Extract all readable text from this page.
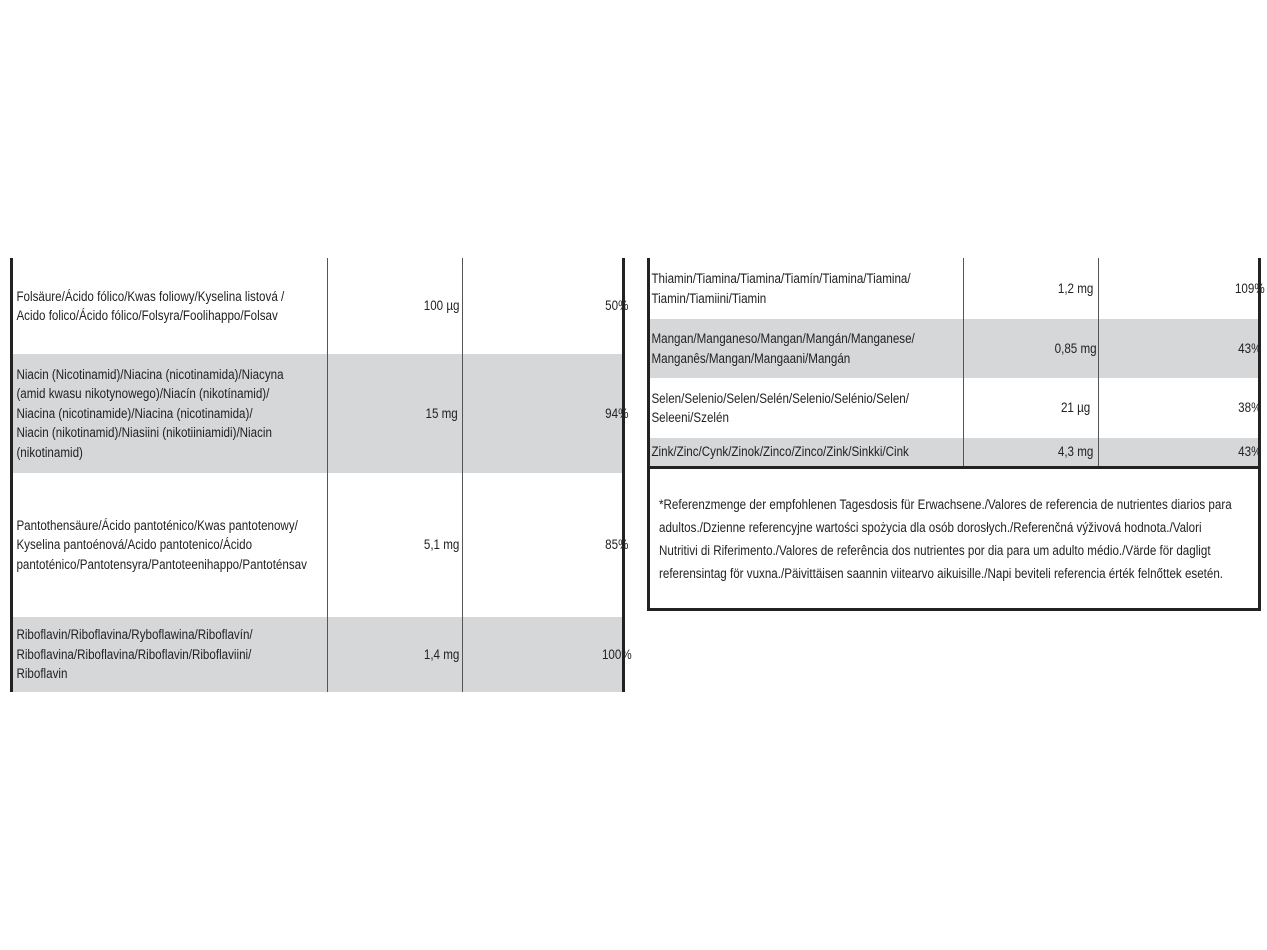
Folsäure/Ácido fólico/Kwas foliowy/Kyselina listová /
Acido folico/Ácido fólico/Folsyra/Foolihappo/Folsav
100 µg	50%
Niacin (Nicotinamid)/Niacina (nicotinamida)/Niacyna
(amid kwasu nikotynowego)/Niacín (nikotínamid)/
Niacina (nicotinamide)/Niacina (nicotinamida)/
Niacin (nikotinamid)/Niasiini (nikotiiniamidi)/Niacin
(nikotinamid)
15 mg	94%
Pantothensäure/Ácido pantoténico/Kwas pantotenowy/
Kyselina pantoénová/Acido pantotenico/Ácido
pantoténico/Pantotensyra/Pantoteenihappo/Pantoténsav
5,1 mg	85%
Riboflavin/Riboflavina/Ryboflawina/Riboflavín/
Riboflavina/Riboflavina/Riboflavin/Riboflaviini/
Riboflavin
1,4 mg	100%
Thiamin/Tiamina/Tiamina/Tiamín/Tiamina/Tiamina/
Tiamin/Tiamiini/Tiamin
1,2 mg	109%
Mangan/Manganeso/Mangan/Mangán/Manganese/
Manganês/Mangan/Mangaani/Mangán
0,85 mg	43%
Selen/Selenio/Selen/Selén/Selenio/Selénio/Selen/
Seleeni/Szelén
21 µg	38%
Zink/Zinc/Cynk/Zinok/Zinco/Zinco/Zink/Sinkki/Cink	4,3 mg	43%
*Referenzmenge der empfohlenen Tagesdosis für Erwachsene./Valores de referencia de nutrientes diarios para
adultos./Dzienne referencyjne wartości spożycia dla osób dorosłych./Referenčná výživová hodnota./Valori
Nutritivi di Riferimento./Valores de referência dos nutrientes por dia para um adulto médio./Värde för dagligt
referensintag för vuxna./Päivittäisen saannin viitearvo aikuisille./Napi beviteli referencia érték felnőttek esetén.
